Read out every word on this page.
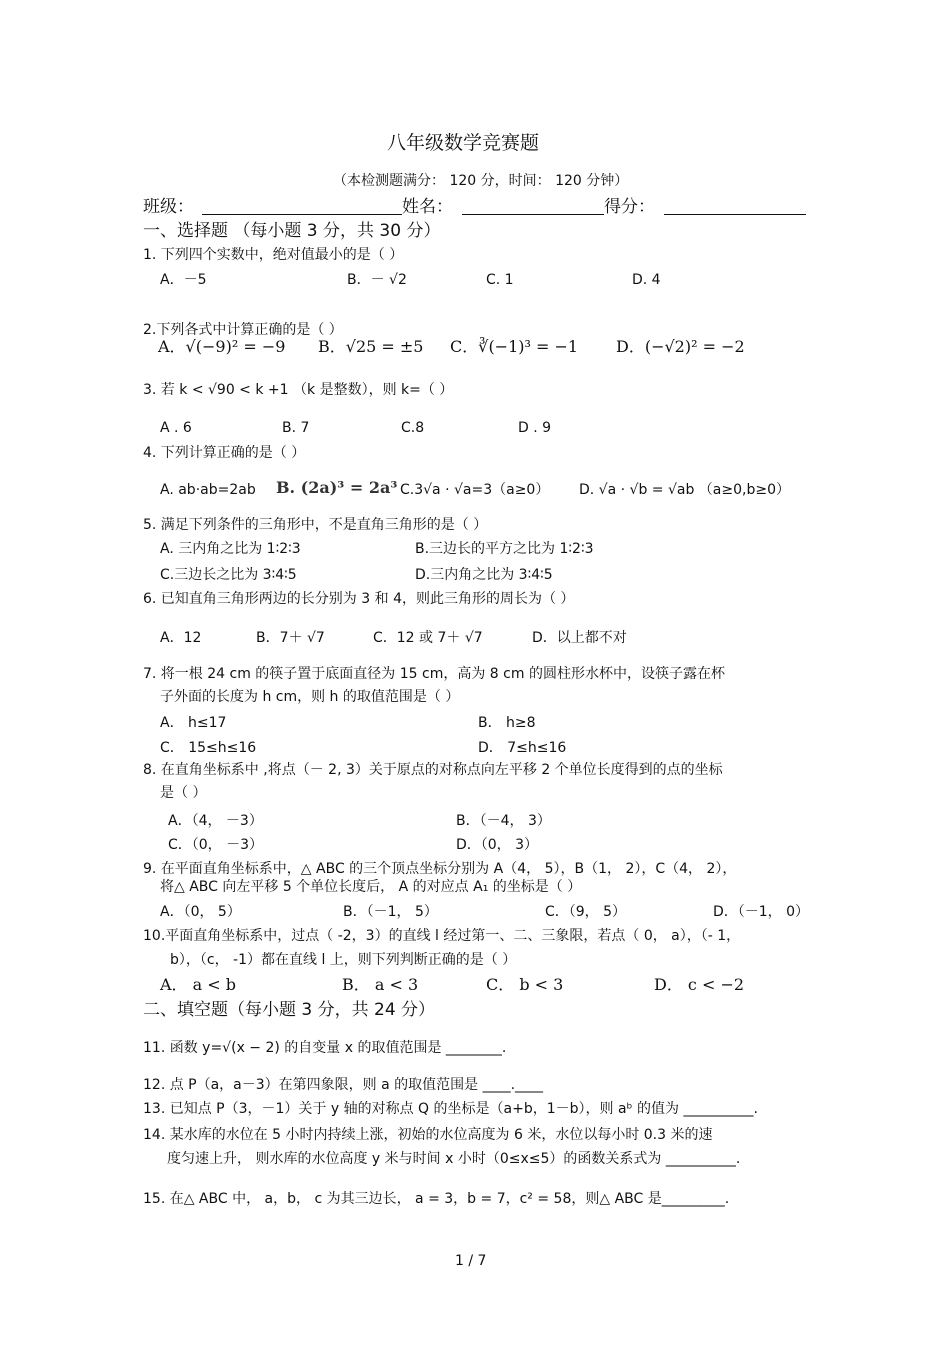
八年级数学竞赛题
（本检测题满分： 120 分，时间： 120 分钟）
班级：	姓名：	得分：
一、选择题 （每小题 3 分，共 30 分）
1. 下列四个实数中，绝对值最小的是（ ）
A．－5	B．－ √2	C. 1	D. 4
2.下列各式中计算正确的是（ ）
A．√(−9)² = −9 B．√25 = ±5 C．∛(−1)³ = −1 D．(−√2)² = −2
3. 若 k < √90 < k +1 （k 是整数），则 k=（ ）
A . 6	B. 7	C.8	D . 9
4. 下列计算正确的是（ ）
A. ab·ab=2ab B. (2a)³ = 2a³ C.3√a · √a=3（a≥0） D. √a · √b = √ab （a≥0,b≥0）
5. 满足下列条件的三角形中，不是直角三角形的是（ ）
A. 三内角之比为 1∶2∶3	B.三边长的平方之比为 1∶2∶3
C.三边长之比为 3∶4∶5	D.三内角之比为 3∶4∶5
6. 已知直角三角形两边的长分别为 3 和 4，则此三角形的周长为（ ）
A．12	B．7＋ √7	C．12 或 7＋ √7	D．以上都不对
7. 将一根 24 cm 的筷子置于底面直径为 15 cm，高为 8 cm 的圆柱形水杯中，设筷子露在杯
子外面的长度为 h cm，则 h 的取值范围是（ ）
A． h≤17	B． h≥8
C． 15≤h≤16	D． 7≤h≤16
8. 在直角坐标系中 ,将点（－ 2, 3）关于原点的对称点向左平移 2 个单位长度得到的点的坐标
是（ ）
A．（4， －3）	B．（－4， 3）
C．（0， －3）	D．（0， 3）
9. 在平面直角坐标系中，△ ABC 的三个顶点坐标分别为 A（4， 5），B（1， 2），C（4， 2），
将△ ABC 向左平移 5 个单位长度后， A 的对应点 A₁ 的坐标是（ ）
A．（0， 5）	B．（－1， 5）	C．（9， 5）	D．（－1， 0）
10.平面直角坐标系中，过点（ -2，3）的直线 l 经过第一、二、三象限，若点（ 0， a），（- 1，
b），（c， -1）都在直线 l 上，则下列判断正确的是（ ）
A． a < b	B． a < 3	C． b < 3	D． c < −2
二、填空题（每小题 3 分，共 24 分）
11. 函数 y=√(x − 2) 的自变量 x 的取值范围是 ________.
12. 点 P（a，a－3）在第四象限，则 a 的取值范围是 ____.____
13. 已知点 P（3，－1）关于 y 轴的对称点 Q 的坐标是（a+b，1－b），则 aᵇ 的值为 __________.
14. 某水库的水位在 5 小时内持续上涨，初始的水位高度为 6 米，水位以每小时 0.3 米的速
度匀速上升， 则水库的水位高度 y 米与时间 x 小时（0≤x≤5）的函数关系式为 __________.
15. 在△ ABC 中， a，b， c 为其三边长， a = 3，b = 7，c² = 58，则△ ABC 是_________.
1 / 7
